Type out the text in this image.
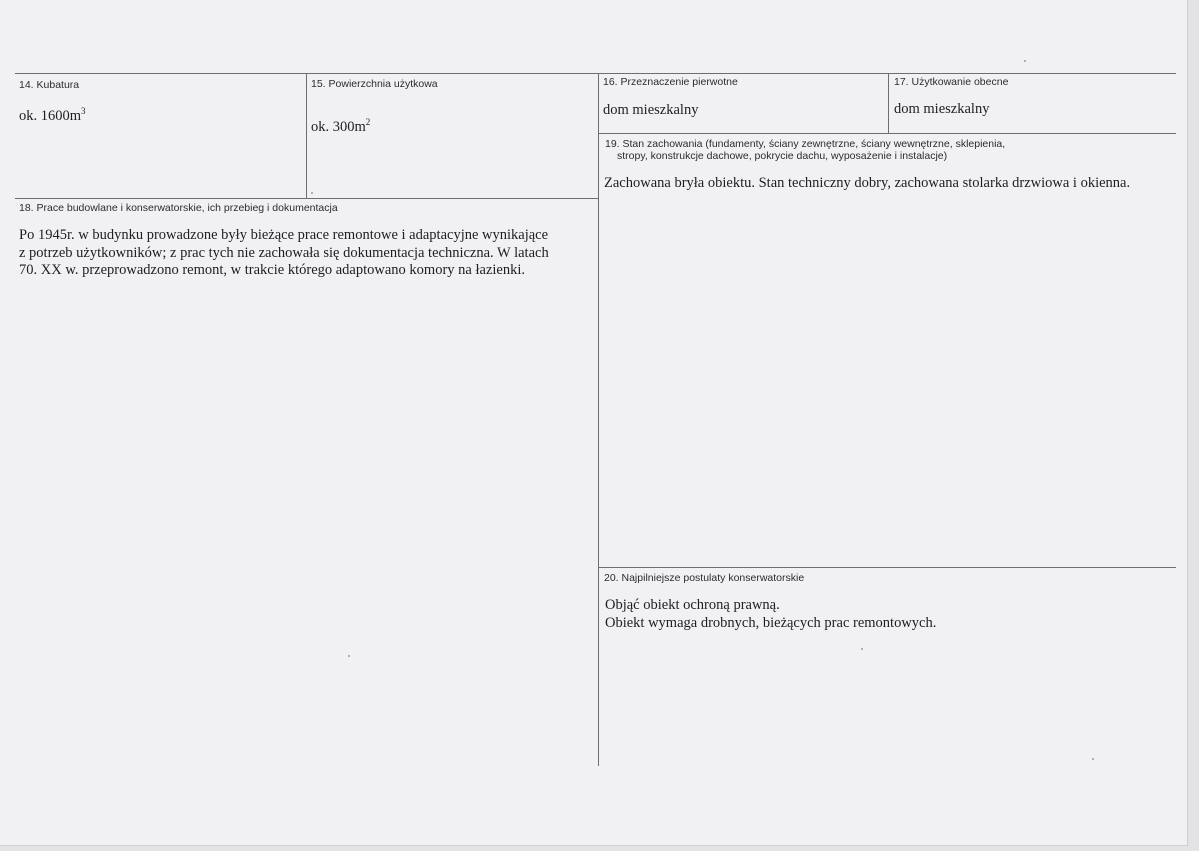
14. Kubatura
ok. $1600m^3$
15. Powierzchnia użytkowa
ok. $300m^2$
16. Przeznaczenie pierwotne
dom mieszkalny
17. Użytkowanie obecne
dom mieszkalny
19. Stan zachowania (fundamenty, ściany zewnętrzne, ściany wewnętrzne, sklepienia,
stropy, konstrukcje dachowe, pokrycie dachu, wyposażenie i instalacje)
Zachowana bryła obiektu. Stan techniczny dobry, zachowana stolarka drzwiowa i okienna.
18. Prace budowlane i konserwatorskie, ich przebieg i dokumentacja

Po 1945r. w budynku prowadzone były bieżące prace remontowe i adaptacyjne wynikające

z potrzeb użytkowników; z prac tych nie zachowała się dokumentacja techniczna. W latach

70. XX w. przeprowadzono remont, w trakcie którego adaptowano komory na łazienki.

20. Najpilniejsze postulaty konserwatorskie

Objąć obiekt ochroną prawną.

Obiekt wymaga drobnych, bieżących prac remontowych.
